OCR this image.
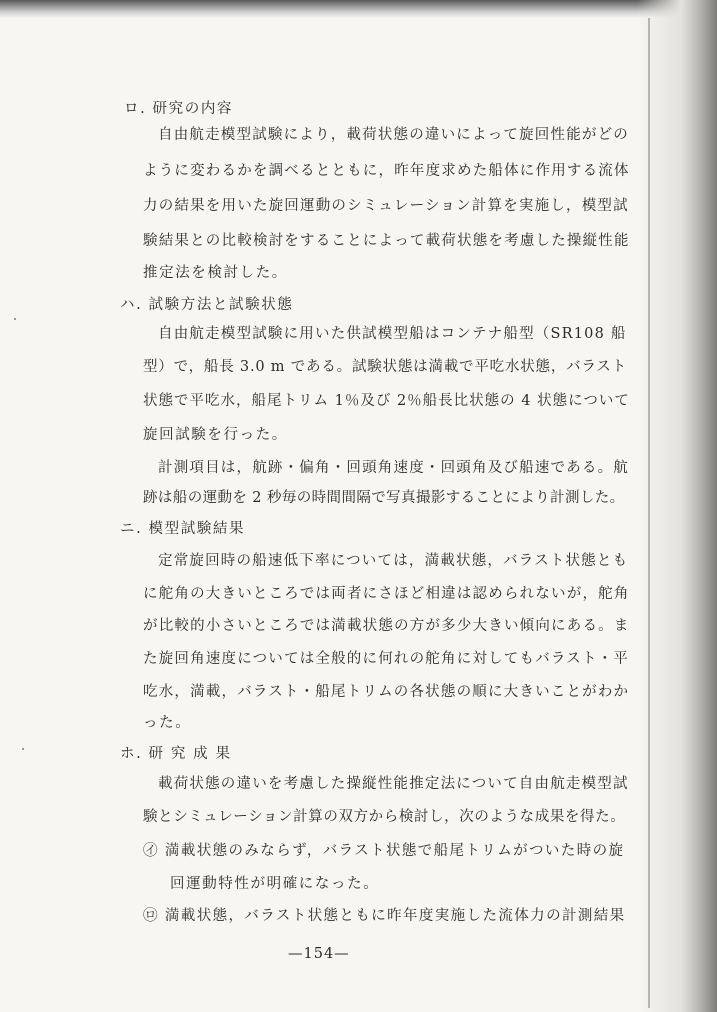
ロ. 研究の内容
自由航走模型試験により，載荷状態の違いによって旋回性能がどの
ように変わるかを調べるとともに，昨年度求めた船体に作用する流体
力の結果を用いた旋回運動のシミュレーション計算を実施し，模型試
験結果との比較検討をすることによって載荷状態を考慮した操縦性能
推定法を検討した。
ハ. 試験方法と試験状態
自由航走模型試験に用いた供試模型船はコンテナ船型（SR108 船
型）で，船長 3.0 m である。試験状態は満載で平吃水状態，バラスト
状態で平吃水，船尾トリム 1％及び 2％船長比状態の 4 状態について
旋回試験を行った。
計測項目は，航跡・偏角・回頭角速度・回頭角及び船速である。航
跡は船の運動を 2 秒毎の時間間隔で写真撮影することにより計測した。
ニ. 模型試験結果
定常旋回時の船速低下率については，満載状態，バラスト状態とも
に舵角の大きいところでは両者にさほど相違は認められないが，舵角
が比較的小さいところでは満載状態の方が多少大きい傾向にある。ま
た旋回角速度については全般的に何れの舵角に対してもバラスト・平
吃水，満載，バラスト・船尾トリムの各状態の順に大きいことがわか
った。
ホ. 研 究 成 果
載荷状態の違いを考慮した操縦性能推定法について自由航走模型試
験とシミュレーション計算の双方から検討し，次のような成果を得た。
㋑ 満載状態のみならず，バラスト状態で船尾トリムがついた時の旋
回運動特性が明確になった。
㋺ 満載状態，バラスト状態ともに昨年度実施した流体力の計測結果
—154—
